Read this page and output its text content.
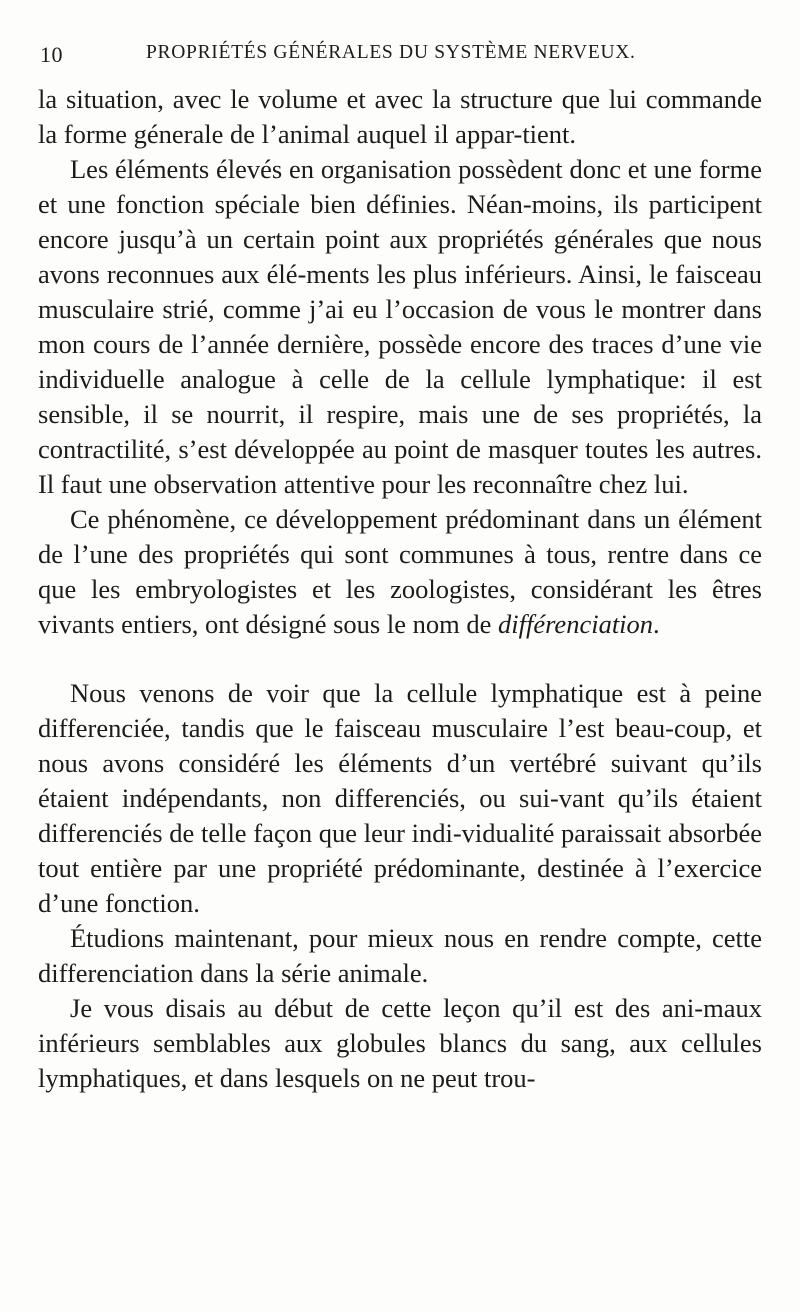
10	PROPRIÉTÉS GÉNÉRALES DU SYSTÈME NERVEUX.

la situation, avec le volume et avec la structure que lui commande la forme génerale de l’animal auquel il appar-tient.

Les éléments élevés en organisation possèdent donc et une forme et une fonction spéciale bien définies. Néan-moins, ils participent encore jusqu’à un certain point aux propriétés générales que nous avons reconnues aux élé-ments les plus inférieurs. Ainsi, le faisceau musculaire strié, comme j’ai eu l’occasion de vous le montrer dans mon cours de l’année dernière, possède encore des traces d’une vie individuelle analogue à celle de la cellule lymphatique: il est sensible, il se nourrit, il respire, mais une de ses propriétés, la contractilité, s’est développée au point de masquer toutes les autres. Il faut une observation attentive pour les reconnaître chez lui.

Ce phénomène, ce développement prédominant dans un élément de l’une des propriétés qui sont communes à tous, rentre dans ce que les embryologistes et les zoologistes, considérant les êtres vivants entiers, ont désigné sous le nom de différenciation.

Nous venons de voir que la cellule lymphatique est à peine differenciée, tandis que le faisceau musculaire l’est beau-coup, et nous avons considéré les éléments d’un vertébré suivant qu’ils étaient indépendants, non differenciés, ou sui-vant qu’ils étaient differenciés de telle façon que leur indi-vidualité paraissait absorbée tout entière par une propriété prédominante, destinée à l’exercice d’une fonction.

Étudions maintenant, pour mieux nous en rendre compte, cette differenciation dans la série animale.

Je vous disais au début de cette leçon qu’il est des ani-maux inférieurs semblables aux globules blancs du sang, aux cellules lymphatiques, et dans lesquels on ne peut trou-
